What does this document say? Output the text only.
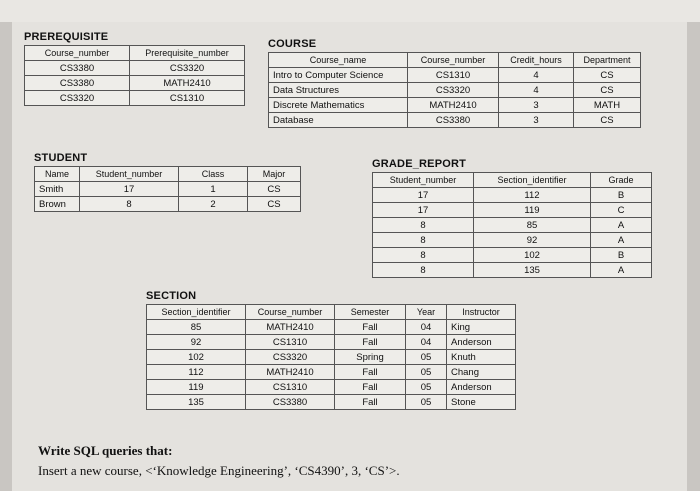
PREREQUISITE
Course_number	Prerequisite_number
CS3380	CS3320
CS3380	MATH2410
CS3320	CS1310
COURSE
Course_name	Course_number	Credit_hours	Department
Intro to Computer Science	CS1310	4	CS
Data Structures	CS3320	4	CS
Discrete Mathematics	MATH2410	3	MATH
Database	CS3380	3	CS
STUDENT
Name	Student_number	Class	Major
Smith	17	1	CS
Brown	8	2	CS
GRADE_REPORT
Student_number	Section_identifier	Grade
17	112	B
17	119	C
8	85	A
8	92	A
8	102	B
8	135	A
SECTION
Section_identifier	Course_number	Semester	Year	Instructor
85	MATH2410	Fall	04	King
92	CS1310	Fall	04	Anderson
102	CS3320	Spring	05	Knuth
112	MATH2410	Fall	05	Chang
119	CS1310	Fall	05	Anderson
135	CS3380	Fall	05	Stone
Write SQL queries that:
Insert a new course, <‘Knowledge Engineering’, ‘CS4390’, 3, ‘CS’>.
